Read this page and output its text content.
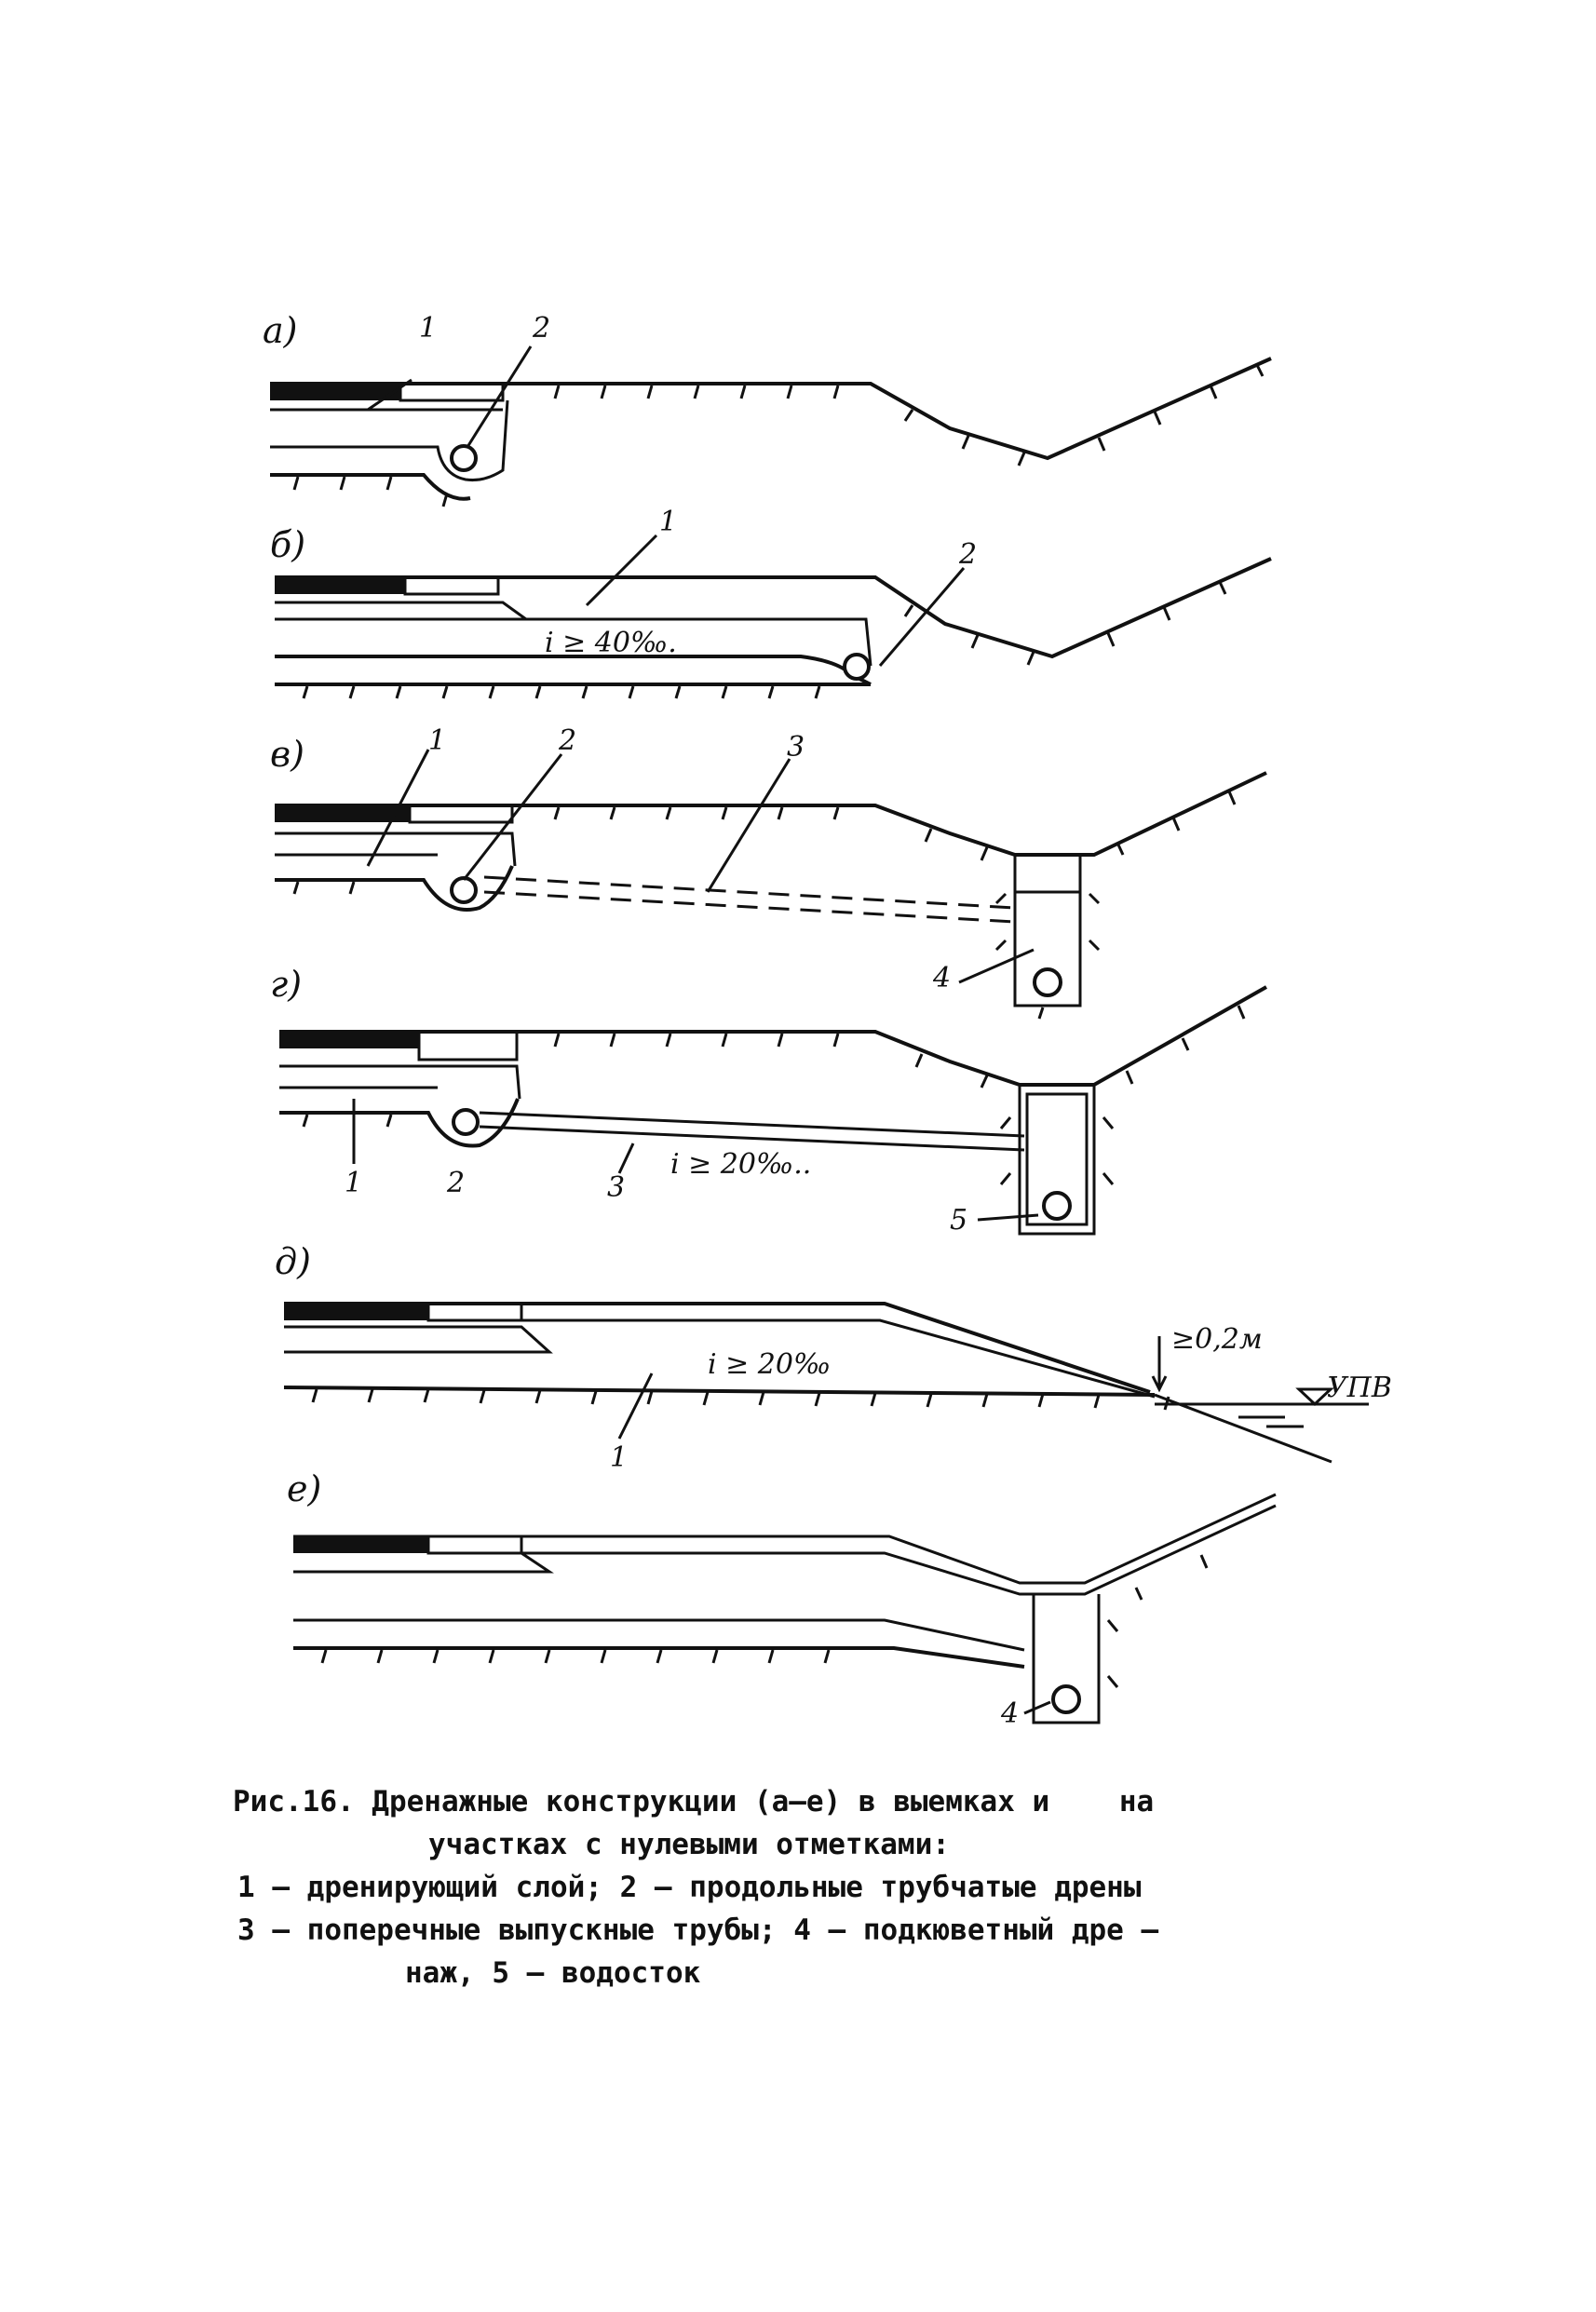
а)	1	2
б)
i ≥ 40‰.
1
2
в)	1	2	3
4
г)
i ≥ 20‰..
1	2	3
5
д)
УПВ
≥0,2м
i ≥ 20‰
1
е)
4
Рис.16. Дренажные конструкции (а–е) в выемках и    на
участках с нулевыми отметками:
1 – дренирующий слой; 2 – продольные трубчатые дрены
3 – поперечные выпускные трубы; 4 – подкюветный дре –
наж, 5 – водосток
